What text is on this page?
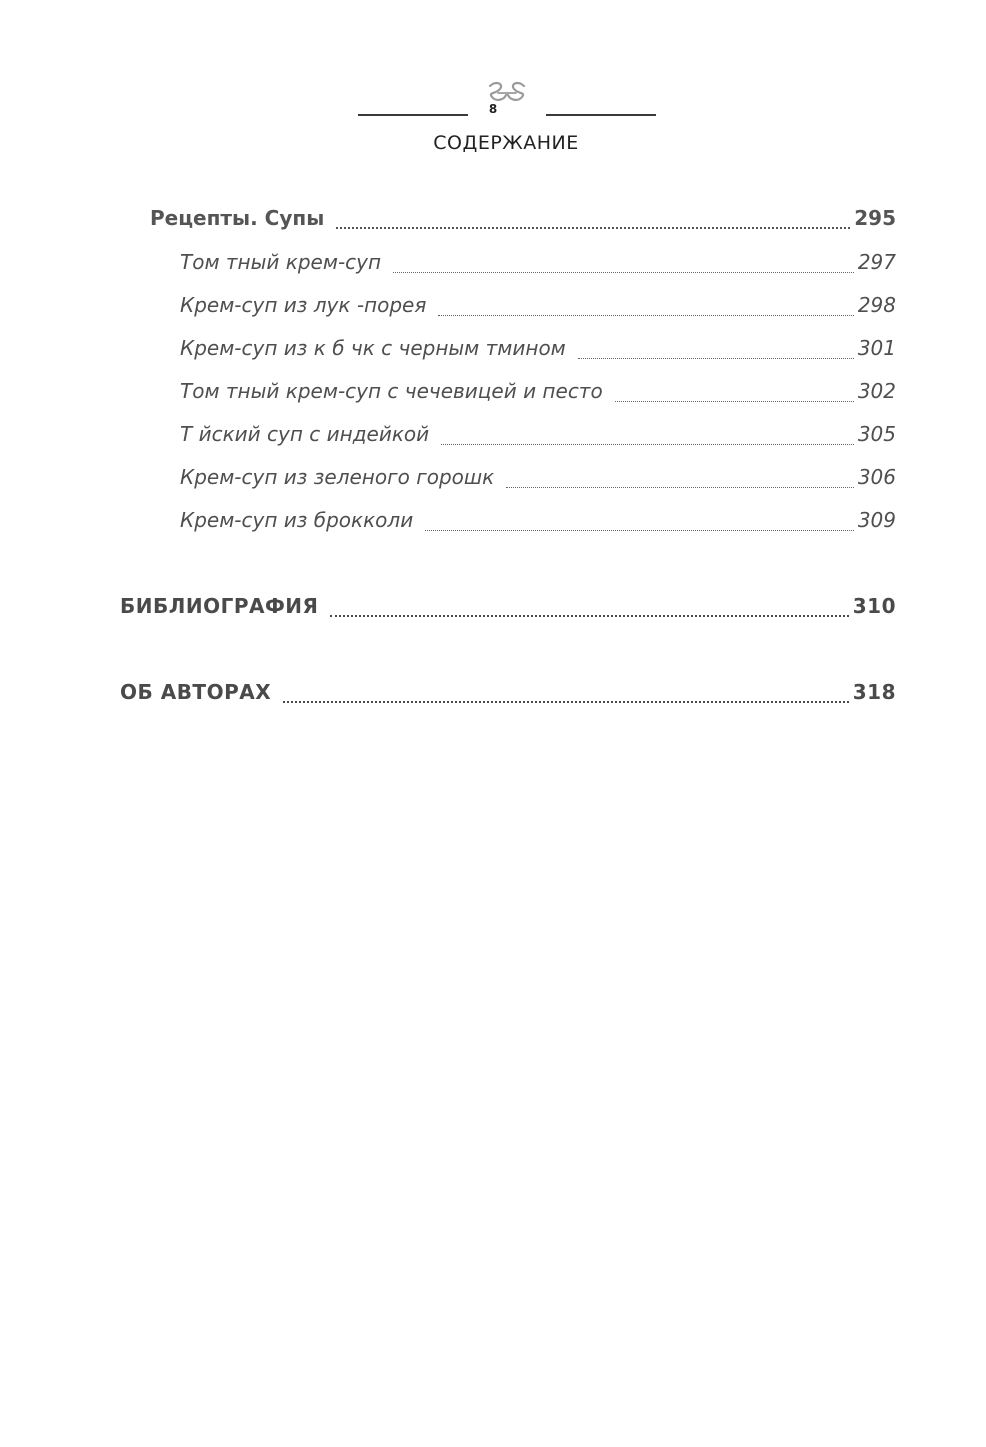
8
СОДЕРЖАНИЕ
Рецепты. Супы	295
Том тный крем-суп	297
Крем-суп из лук -порея	298
Крем-суп из к б чк с черным тмином	301
Том тный крем-суп с чечевицей и песто	302
Т йский суп с индейкой	305
Крем-суп из зеленого горошк	306
Крем-суп из брокколи	309
БИБЛИОГРАФИЯ	310
ОБ АВТОРАХ	318
